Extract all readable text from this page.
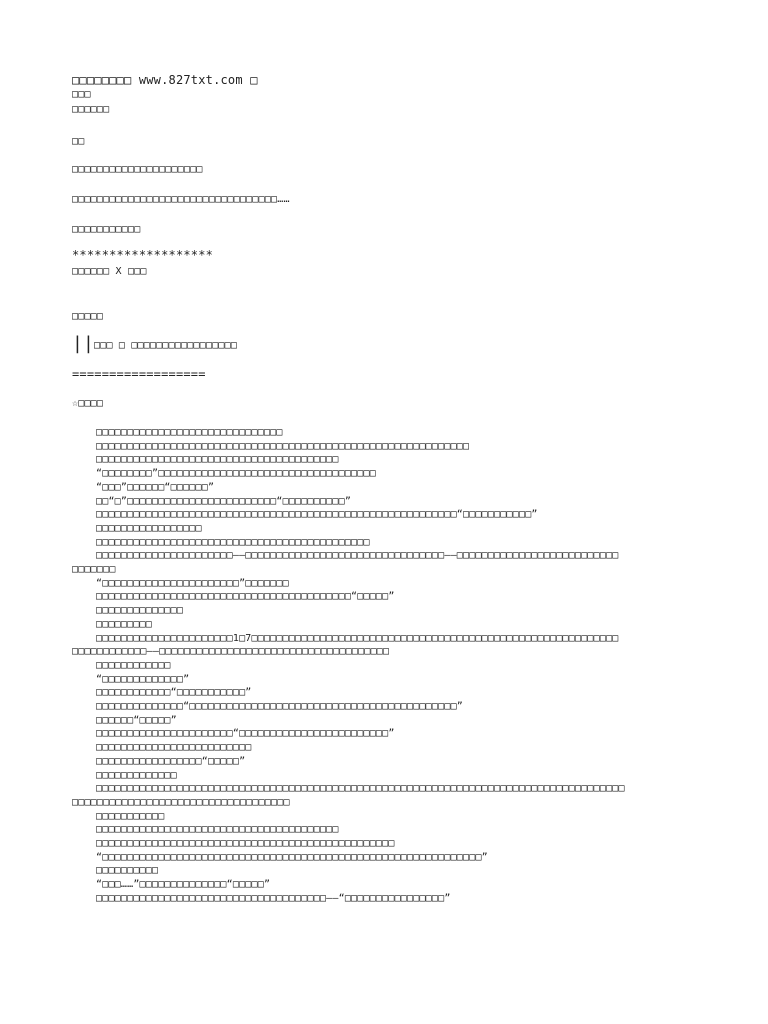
□□□□□□□□ www.827txt.com □
□□□
□□□□□□
□□
□□□□□□□□□□□□□□□□□□□□□
□□□□□□□□□□□□□□□□□□□□□□□□□□□□□□□□□……
□□□□□□□□□□□
*******************
□□□□□□ X □□□
□□□□□
|| □□□ □ □□□□□□□□□□□□□□□□□
==================
☆□□□□
□□□□□□□□□□□□□□□□□□□□□□□□□□□□□□
□□□□□□□□□□□□□□□□□□□□□□□□□□□□□□□□□□□□□□□□□□□□□□□□□□□□□□□□□□□□
□□□□□□□□□□□□□□□□□□□□□□□□□□□□□□□□□□□□□□□
“□□□□□□□□”□□□□□□□□□□□□□□□□□□□□□□□□□□□□□□□□□□□
“□□□”□□□□□□“□□□□□□”
□□“□”□□□□□□□□□□□□□□□□□□□□□□□□“□□□□□□□□□□”
□□□□□□□□□□□□□□□□□□□□□□□□□□□□□□□□□□□□□□□□□□□□□□□□□□□□□□□□□□“□□□□□□□□□□□”
□□□□□□□□□□□□□□□□□
□□□□□□□□□□□□□□□□□□□□□□□□□□□□□□□□□□□□□□□□□□□□
□□□□□□□□□□□□□□□□□□□□□□——□□□□□□□□□□□□□□□□□□□□□□□□□□□□□□□□——□□□□□□□□□□□□□□□□□□□□□□□□□□
□□□□□□□
“□□□□□□□□□□□□□□□□□□□□□□”□□□□□□□
□□□□□□□□□□□□□□□□□□□□□□□□□□□□□□□□□□□□□□□□□“□□□□□”
□□□□□□□□□□□□□□
□□□□□□□□□
□□□□□□□□□□□□□□□□□□□□□□1□7□□□□□□□□□□□□□□□□□□□□□□□□□□□□□□□□□□□□□□□□□□□□□□□□□□□□□□□□□□□
□□□□□□□□□□□□——□□□□□□□□□□□□□□□□□□□□□□□□□□□□□□□□□□□□□
□□□□□□□□□□□□
“□□□□□□□□□□□□□”
□□□□□□□□□□□□“□□□□□□□□□□□”
□□□□□□□□□□□□□□“□□□□□□□□□□□□□□□□□□□□□□□□□□□□□□□□□□□□□□□□□□□”
□□□□□□“□□□□□”
□□□□□□□□□□□□□□□□□□□□□□“□□□□□□□□□□□□□□□□□□□□□□□□”
□□□□□□□□□□□□□□□□□□□□□□□□□
□□□□□□□□□□□□□□□□□“□□□□□”
□□□□□□□□□□□□□
□□□□□□□□□□□□□□□□□□□□□□□□□□□□□□□□□□□□□□□□□□□□□□□□□□□□□□□□□□□□□□□□□□□□□□□□□□□□□□□□□□□□□
□□□□□□□□□□□□□□□□□□□□□□□□□□□□□□□□□□□
□□□□□□□□□□□
□□□□□□□□□□□□□□□□□□□□□□□□□□□□□□□□□□□□□□□
□□□□□□□□□□□□□□□□□□□□□□□□□□□□□□□□□□□□□□□□□□□□□□□□
“□□□□□□□□□□□□□□□□□□□□□□□□□□□□□□□□□□□□□□□□□□□□□□□□□□□□□□□□□□□□□”
□□□□□□□□□□
“□□□……”□□□□□□□□□□□□□□“□□□□□”
□□□□□□□□□□□□□□□□□□□□□□□□□□□□□□□□□□□□□——“□□□□□□□□□□□□□□□□”
